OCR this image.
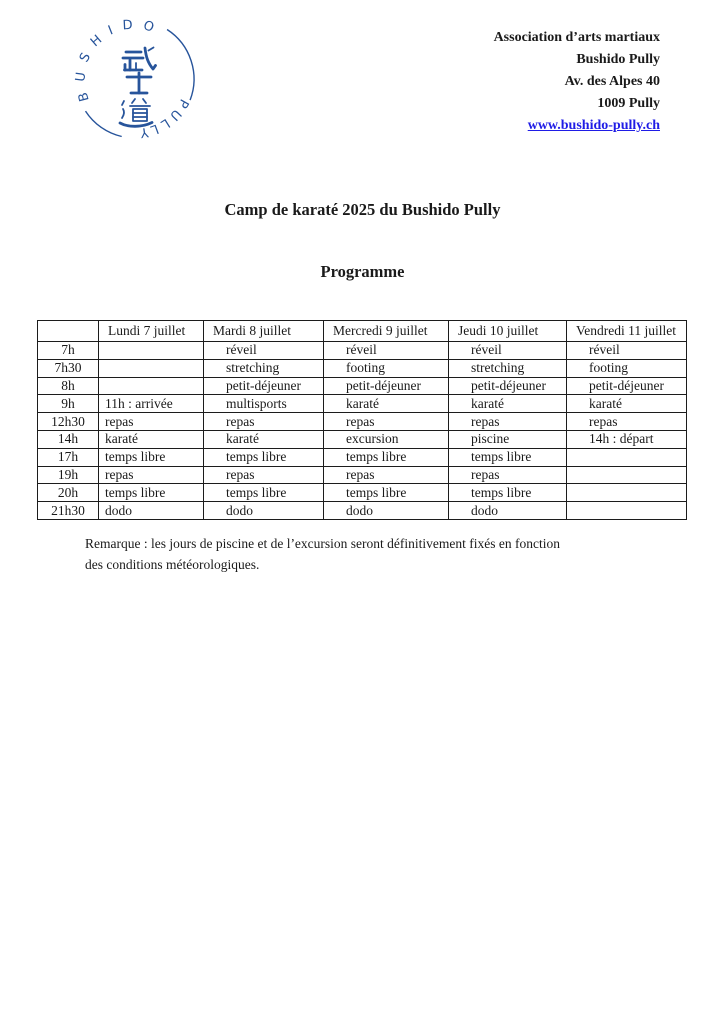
BUSHIDO
PULLY
Association d’arts martiaux
Bushido Pully
Av. des Alpes 40
1009 Pully
www.bushido-pully.ch
Camp de karaté 2025 du Bushido Pully
Programme
	Lundi 7 juillet	Mardi 8 juillet	Mercredi 9 juillet	Jeudi 10 juillet	Vendredi 11 juillet
7h		réveil	réveil	réveil	réveil
7h30		stretching	footing	stretching	footing
8h		petit-déjeuner	petit-déjeuner	petit-déjeuner	petit-déjeuner
9h	11h : arrivée	multisports	karaté	karaté	karaté
12h30	repas	repas	repas	repas	repas
14h	karaté	karaté	excursion	piscine	14h : départ
17h	temps libre	temps libre	temps libre	temps libre	
19h	repas	repas	repas	repas	
20h	temps libre	temps libre	temps libre	temps libre	
21h30	dodo	dodo	dodo	dodo	
Remarque : les jours de piscine et de l’excursion seront définitivement fixés en fonction
des conditions météorologiques.
